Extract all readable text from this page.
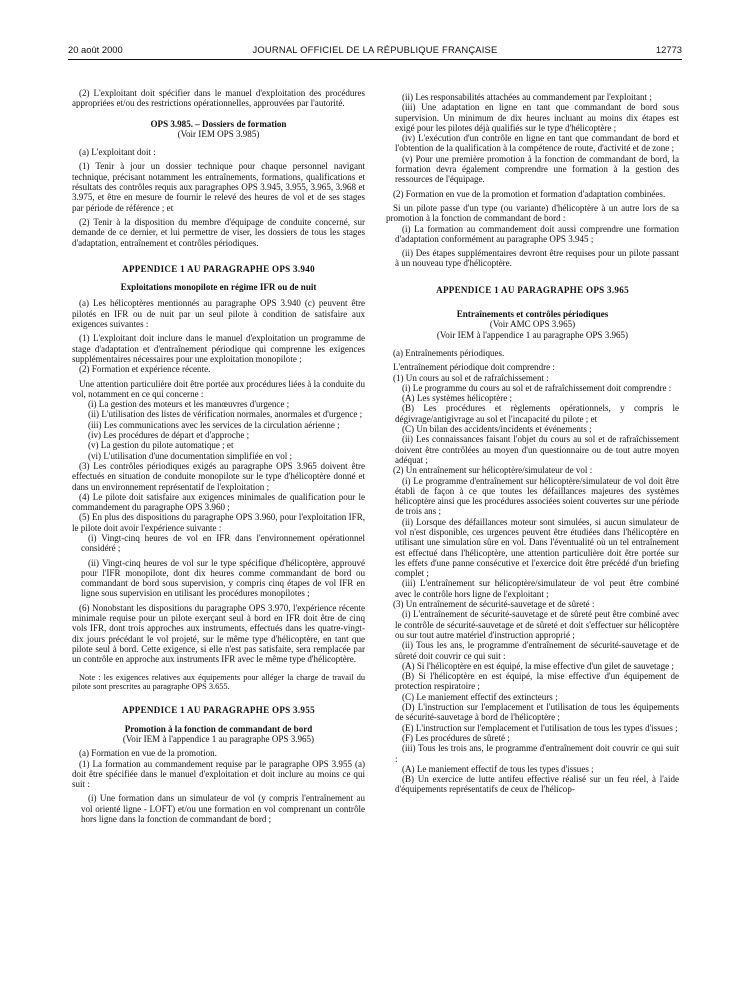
20 août 2000	JOURNAL OFFICIEL DE LA RÉPUBLIQUE FRANÇAISE	12773

(2) L'exploitant doit spécifier dans le manuel d'exploitation des procédures appropriées et/ou des restrictions opérationnelles, approuvées par l'autorité.

OPS 3.985. – Dossiers de formation

(Voir IEM OPS 3.985)

(a) L'exploitant doit :

(1) Tenir à jour un dossier technique pour chaque personnel navigant technique, précisant notamment les entraînements, formations, qualifications et résultats des contrôles requis aux paragraphes OPS 3.945, 3.955, 3.965, 3.968 et 3.975, et être en mesure de fournir le relevé des heures de vol et de ses stages par période de référence ; et

(2) Tenir à la disposition du membre d'équipage de conduite concerné, sur demande de ce dernier, et lui permettre de viser, les dossiers de tous les stages d'adaptation, entraînement et contrôles périodiques.

APPENDICE 1 AU PARAGRAPHE OPS 3.940

Exploitations monopilote en régime IFR ou de nuit

(a) Les hélicoptères mentionnés au paragraphe OPS 3.940 (c) peuvent être pilotés en IFR ou de nuit par un seul pilote à condition de satisfaire aux exigences suivantes :

(1) L'exploitant doit inclure dans le manuel d'exploitation un programme de stage d'adaptation et d'entraînement périodique qui comprenne les exigences supplémentaires nécessaires pour une exploitation monopilote ;

(2) Formation et expérience récente.

Une attention particulière doit être portée aux procédures liées à la conduite du vol, notamment en ce qui concerne :

(i) La gestion des moteurs et les manœuvres d'urgence ;

(ii) L'utilisation des listes de vérification normales, anormales et d'urgence ;

(iii) Les communications avec les services de la circulation aérienne ;

(iv) Les procédures de départ et d'approche ;

(v) La gestion du pilote automatique ; et

(vi) L'utilisation d'une documentation simplifiée en vol ;

(3) Les contrôles périodiques exigés au paragraphe OPS 3.965 doivent être effectués en situation de conduite monopilote sur le type d'hélicoptère donné et dans un environnement représentatif de l'exploitation ;

(4) Le pilote doit satisfaire aux exigences minimales de qualification pour le commandement du paragraphe OPS 3.960 ;

(5) En plus des dispositions du paragraphe OPS 3.960, pour l'exploitation IFR, le pilote doit avoir l'expérience suivante :

(i) Vingt-cinq heures de vol en IFR dans l'environnement opérationnel considéré ;

(ii) Vingt-cinq heures de vol sur le type spécifique d'hélicoptère, approuvé pour l'IFR monopilote, dont dix heures comme commandant de bord ou commandant de bord sous supervision, y compris cinq étapes de vol IFR en ligne sous supervision en utilisant les procédures monopilotes ;

(6) Nonobstant les dispositions du paragraphe OPS 3.970, l'expérience récente minimale requise pour un pilote exerçant seul à bord en IFR doit être de cinq vols IFR, dont trois approches aux instruments, effectués dans les quatre-vingt-dix jours précédant le vol projeté, sur le même type d'hélicoptère, en tant que pilote seul à bord. Cette exigence, si elle n'est pas satisfaite, sera remplacée par un contrôle en approche aux instruments IFR avec le même type d'hélicoptère.

Note : les exigences relatives aux équipements pour alléger la charge de travail du pilote sont prescrites au paragraphe OPS 3.655.

APPENDICE 1 AU PARAGRAPHE OPS 3.955

Promotion à la fonction de commandant de bord

(Voir IEM à l'appendice 1 au paragraphe OPS 3.965)

(a) Formation en vue de la promotion.

(1) La formation au commandement requise par le paragraphe OPS 3.955 (a) doit être spécifiée dans le manuel d'exploitation et doit inclure au moins ce qui suit :

(i) Une formation dans un simulateur de vol (y compris l'entraînement au vol orienté ligne - LOFT) et/ou une formation en vol comprenant un contrôle hors ligne dans la fonction de commandant de bord ;

(ii) Les responsabilités attachées au commandement par l'exploitant ;

(iii) Une adaptation en ligne en tant que commandant de bord sous supervision. Un minimum de dix heures incluant au moins dix étapes est exigé pour les pilotes déjà qualifiés sur le type d'hélicoptère ;

(iv) L'exécution d'un contrôle en ligne en tant que commandant de bord et l'obtention de la qualification à la compétence de route, d'activité et de zone ;

(v) Pour une première promotion à la fonction de commandant de bord, la formation devra également comprendre une formation à la gestion des ressources de l'équipage.

(2) Formation en vue de la promotion et formation d'adaptation combinées.

Si un pilote passe d'un type (ou variante) d'hélicoptère à un autre lors de sa promotion à la fonction de commandant de bord :

(i) La formation au commandement doit aussi comprendre une formation d'adaptation conformément au paragraphe OPS 3.945 ;

(ii) Des étapes supplémentaires devront être requises pour un pilote passant à un nouveau type d'hélicoptère.

APPENDICE 1 AU PARAGRAPHE OPS 3.965

Entraînements et contrôles périodiques

(Voir AMC OPS 3.965)

(Voir IEM à l'appendice 1 au paragraphe OPS 3.965)

(a) Entraînements périodiques.

L'entraînement périodique doit comprendre :

(1) Un cours au sol et de rafraîchissement :

(i) Le programme du cours au sol et de rafraîchissement doit comprendre :

(A) Les systèmes hélicoptère ;

(B) Les procédures et règlements opérationnels, y compris le dégivrage/antigivrage au sol et l'incapacité du pilote ; et

(C) Un bilan des accidents/incidents et événements ;

(ii) Les connaissances faisant l'objet du cours au sol et de rafraîchissement doivent être contrôlées au moyen d'un questionnaire ou de tout autre moyen adéquat ;

(2) Un entraînement sur hélicoptère/simulateur de vol :

(i) Le programme d'entraînement sur hélicoptère/simulateur de vol doit être établi de façon à ce que toutes les défaillances majeures des systèmes hélicoptère ainsi que les procédures associées soient couvertes sur une période de trois ans ;

(ii) Lorsque des défaillances moteur sont simulées, si aucun simulateur de vol n'est disponible, ces urgences peuvent être étudiées dans l'hélicoptère en utilisant une simulation sûre en vol. Dans l'éventualité où un tel entraînement est effectué dans l'hélicoptère, une attention particulière doit être portée sur les effets d'une panne consécutive et l'exercice doit être précédé d'un briefing complet ;

(iii) L'entraînement sur hélicoptère/simulateur de vol peut être combiné avec le contrôle hors ligne de l'exploitant ;

(3) Un entraînement de sécurité-sauvetage et de sûreté :

(i) L'entraînement de sécurité-sauvetage et de sûreté peut être combiné avec le contrôle de sécurité-sauvetage et de sûreté et doit s'effectuer sur hélicoptère ou sur tout autre matériel d'instruction approprié ;

(ii) Tous les ans, le programme d'entraînement de sécurité-sauvetage et de sûreté doit couvrir ce qui suit :

(A) Si l'hélicoptère en est équipé, la mise effective d'un gilet de sauvetage ;

(B) Si l'hélicoptère en est équipé, la mise effective d'un équipement de protection respiratoire ;

(C) Le maniement effectif des extincteurs ;

(D) L'instruction sur l'emplacement et l'utilisation de tous les équipements de sécurité-sauvetage à bord de l'hélicoptère ;

(E) L'instruction sur l'emplacement et l'utilisation de tous les types d'issues ;

(F) Les procédures de sûreté ;

(iii) Tous les trois ans, le programme d'entraînement doit couvrir ce qui suit :

(A) Le maniement effectif de tous les types d'issues ;

(B) Un exercice de lutte antifeu effective réalisé sur un feu réel, à l'aide d'équipements représentatifs de ceux de l'hélicop-
